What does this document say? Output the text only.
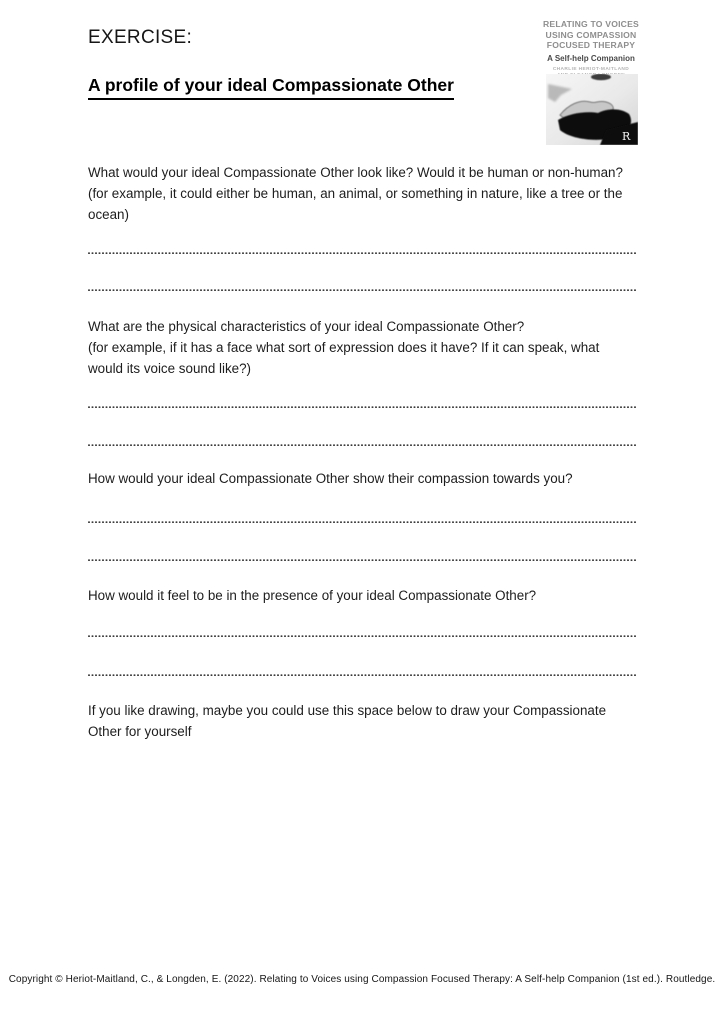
EXERCISE:
A profile of your ideal Compassionate Other
RELATING TO VOICES
USING COMPASSION
FOCUSED THERAPY
A Self-help Companion
CHARLIE HERIOT-MAITLAND
R
What would your ideal Compassionate Other look like? Would it be human or non-human? (for example, it could either be human, an animal, or something in nature, like a tree or the ocean)
What are the physical characteristics of your ideal Compassionate Other?
(for example, if it has a face what sort of expression does it have? If it can speak, what would its voice sound like?)
How would your ideal Compassionate Other show their compassion towards you?
How would it feel to be in the presence of your ideal Compassionate Other?
If you like drawing, maybe you could use this space below to draw your Compassionate Other for yourself
Copyright © Heriot-Maitland, C., & Longden, E. (2022). Relating to Voices using Compassion Focused Therapy: A Self-help Companion (1st ed.). Routledge.
